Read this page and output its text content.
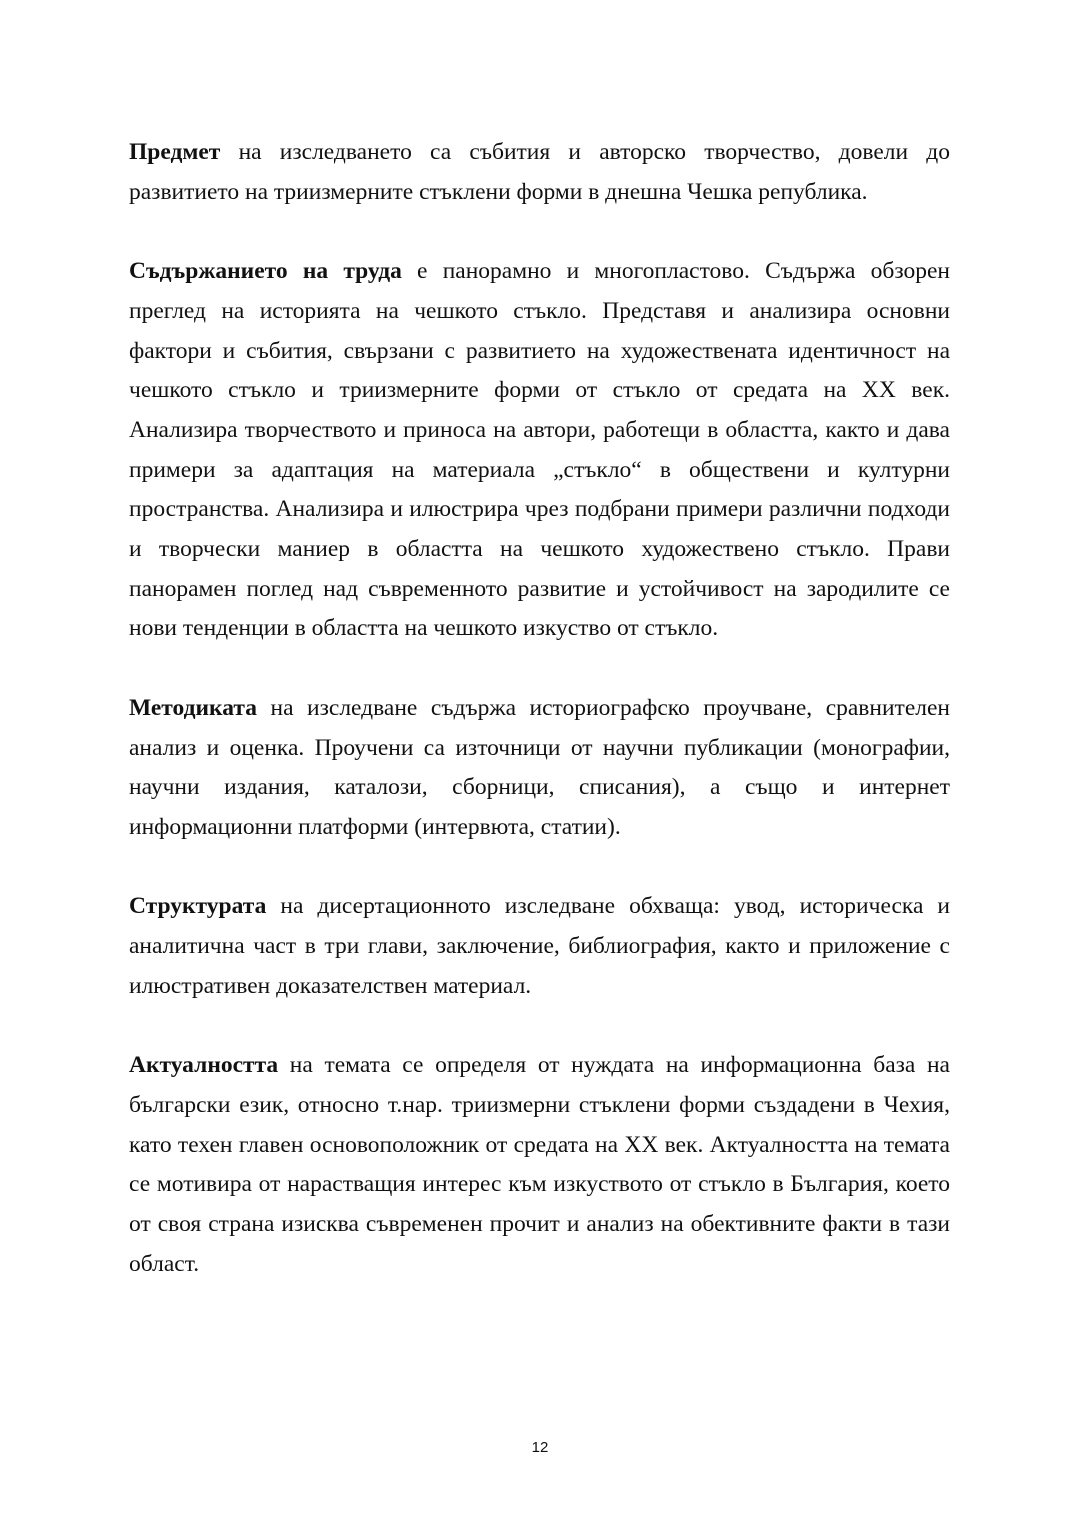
Предмет на изследването са събития и авторско творчество, довели до развитието на триизмерните стъклени форми в днешна Чешка република.

Съдържанието на труда е панорамно и многопластово. Съдържа обзорен преглед на историята на чешкото стъкло. Представя и анализира основни фактори и събития, свързани с развитието на художествената идентичност на чешкото стъкло и триизмерните форми от стъкло от средата на XX век. Анализира творчеството и приноса на автори, работещи в областта, както и дава примери за адаптация на материала „стъкло“ в обществени и културни пространства. Анализира и илюстрира чрез подбрани примери различни подходи и творчески маниер в областта на чешкото художествено стъкло. Прави панорамен поглед над съвременното развитие и устойчивост на зародилите се нови тенденции в областта на чешкото изкуство от стъкло.

Методиката на изследване съдържа историографско проучване, сравнителен анализ и оценка. Проучени са източници от научни публикации (монографии, научни издания, каталози, сборници, списания), а също и интернет информационни платформи (интервюта, статии).

Структурата на дисертационното изследване обхваща: увод, историческа и аналитична част в три глави, заключение, библиография, както и приложение с илюстративен доказателствен материал.

Актуалността на темата се определя от нуждата на информационна база на български език, относно т.нар. триизмерни стъклени форми създадени в Чехия, като техен главен основоположник от средата на XX век. Актуалността на темата се мотивира от нарастващия интерес към изкуството от стъкло в България, което от своя страна изисква съвременен прочит и анализ на обективните факти в тази област.

12
